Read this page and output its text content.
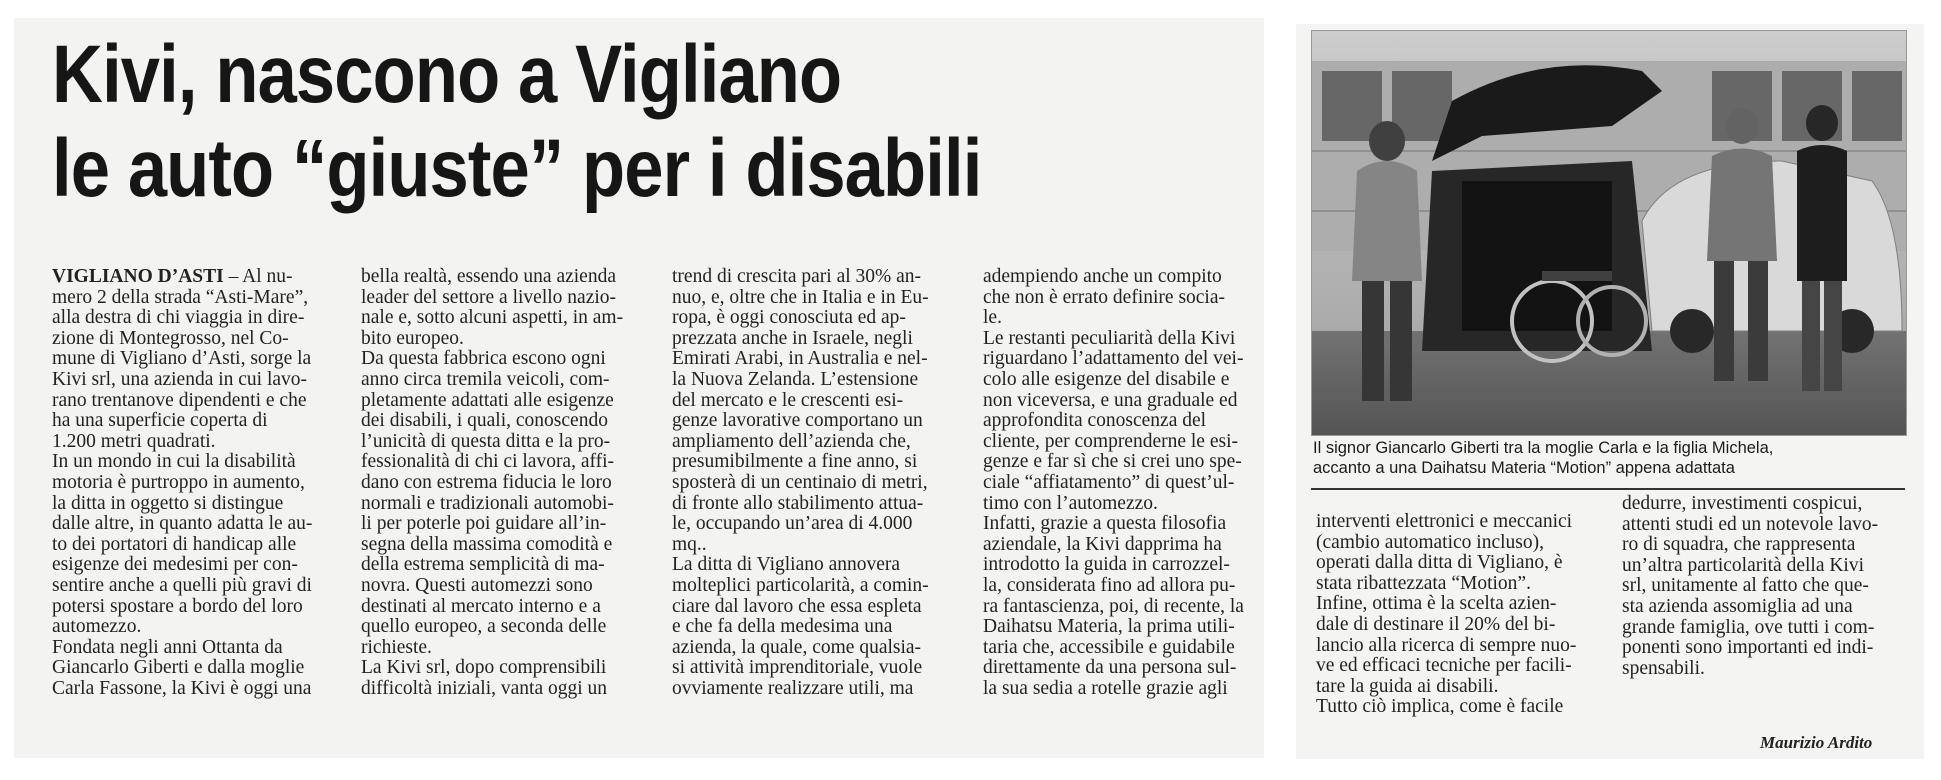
Kivi, nascono a Vigliano
le auto “giuste” per i disabili
VIGLIANO D’ASTI – Al nu-
mero 2 della strada “Asti-Mare”,
alla destra di chi viaggia in dire-
zione di Montegrosso, nel Co-
mune di Vigliano d’Asti, sorge la
Kivi srl, una azienda in cui lavo-
rano trentanove dipendenti e che
ha una superficie coperta di
1.200 metri quadrati.
In un mondo in cui la disabilità
motoria è purtroppo in aumento,
la ditta in oggetto si distingue
dalle altre, in quanto adatta le au-
to dei portatori di handicap alle
esigenze dei medesimi per con-
sentire anche a quelli più gravi di
potersi spostare a bordo del loro
automezzo.
Fondata negli anni Ottanta da
Giancarlo Giberti e dalla moglie
Carla Fassone, la Kivi è oggi una
bella realtà, essendo una azienda
leader del settore a livello nazio-
nale e, sotto alcuni aspetti, in am-
bito europeo.
Da questa fabbrica escono ogni
anno circa tremila veicoli, com-
pletamente adattati alle esigenze
dei disabili, i quali, conoscendo
l’unicità di questa ditta e la pro-
fessionalità di chi ci lavora, affi-
dano con estrema fiducia le loro
normali e tradizionali automobi-
li per poterle poi guidare all’in-
segna della massima comodità e
della estrema semplicità di ma-
novra. Questi automezzi sono
destinati al mercato interno e a
quello europeo, a seconda delle
richieste.
La Kivi srl, dopo comprensibili
difficoltà iniziali, vanta oggi un
trend di crescita pari al 30% an-
nuo, e, oltre che in Italia e in Eu-
ropa, è oggi conosciuta ed ap-
prezzata anche in Israele, negli
Emirati Arabi, in Australia e nel-
la Nuova Zelanda. L’estensione
del mercato e le crescenti esi-
genze lavorative comportano un
ampliamento dell’azienda che,
presumibilmente a fine anno, si
sposterà di un centinaio di metri,
di fronte allo stabilimento attua-
le, occupando un’area di 4.000
mq..
La ditta di Vigliano annovera
molteplici particolarità, a comin-
ciare dal lavoro che essa espleta
e che fa della medesima una
azienda, la quale, come qualsia-
si attività imprenditoriale, vuole
ovviamente realizzare utili, ma
adempiendo anche un compito
che non è errato definire socia-
le.
Le restanti peculiarità della Kivi
riguardano l’adattamento del vei-
colo alle esigenze del disabile e
non viceversa, e una graduale ed
approfondita conoscenza del
cliente, per comprenderne le esi-
genze e far sì che si crei uno spe-
ciale “affiatamento” di quest’ul-
timo con l’automezzo.
Infatti, grazie a questa filosofia
aziendale, la Kivi dapprima ha
introdotto la guida in carrozzel-
la, considerata fino ad allora pu-
ra fantascienza, poi, di recente, la
Daihatsu Materia, la prima utili-
taria che, accessibile e guidabile
direttamente da una persona sul-
la sua sedia a rotelle grazie agli
interventi elettronici e meccanici
(cambio automatico incluso),
operati dalla ditta di Vigliano, è
stata ribattezzata “Motion”.
Infine, ottima è la scelta azien-
dale di destinare il 20% del bi-
lancio alla ricerca di sempre nuo-
ve ed efficaci tecniche per facili-
tare la guida ai disabili.
Tutto ciò implica, come è facile
dedurre, investimenti cospicui,
attenti studi ed un notevole lavo-
ro di squadra, che rappresenta
un’altra particolarità della Kivi
srl, unitamente al fatto che que-
sta azienda assomiglia ad una
grande famiglia, ove tutti i com-
ponenti sono importanti ed indi-
spensabili.
Il signor Giancarlo Giberti tra la moglie Carla e la figlia Michela,
accanto a una Daihatsu Materia “Motion” appena adattata
Maurizio Ardito
